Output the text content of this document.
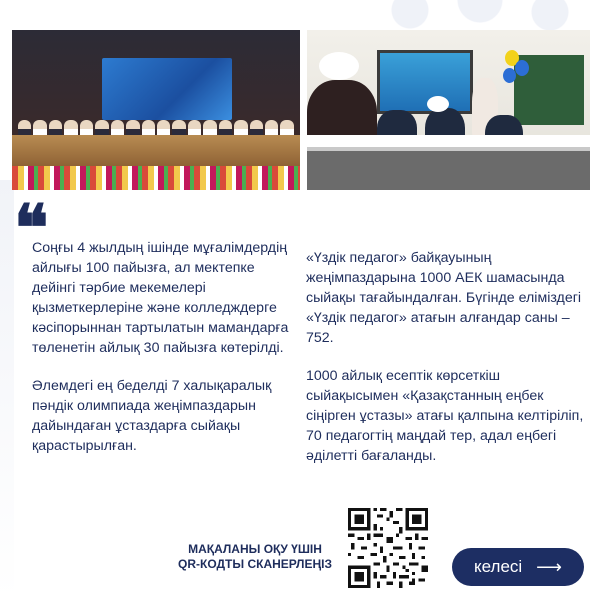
❝

Соңғы 4 жылдың ішінде мұғалімдердің айлығы 100 пайызға, ал мектепке дейінгі тәрбие мекемелері қызметкерлеріне және колледждерге кәсіпорыннан тартылатын мамандарға төленетін айлық 30 пайызға көтерілді.

Әлемдегі ең беделді 7 халықаралық пәндік олимпиада жеңімпаздарын дайындаған ұстаздарға сыйақы қарастырылған.

«Үздік педагог» байқауының жеңімпаздарына 1000 АЕК шамасында сыйақы тағайындалған. Бүгінде еліміздегі «Үздік педагог» атағын алғандар саны – 752.

1000 айлық есептік көрсеткіш сыйақысымен «Қазақстанның еңбек сіңірген ұстазы» атағы қалпына келтіріліп, 70 педагогтің маңдай тер, адал еңбегі әділетті бағаланды.

МАҚАЛАНЫ ОҚУ ҮШІН
QR-КОДТЫ СКАНЕРЛЕҢІЗ	келесі ⟶
